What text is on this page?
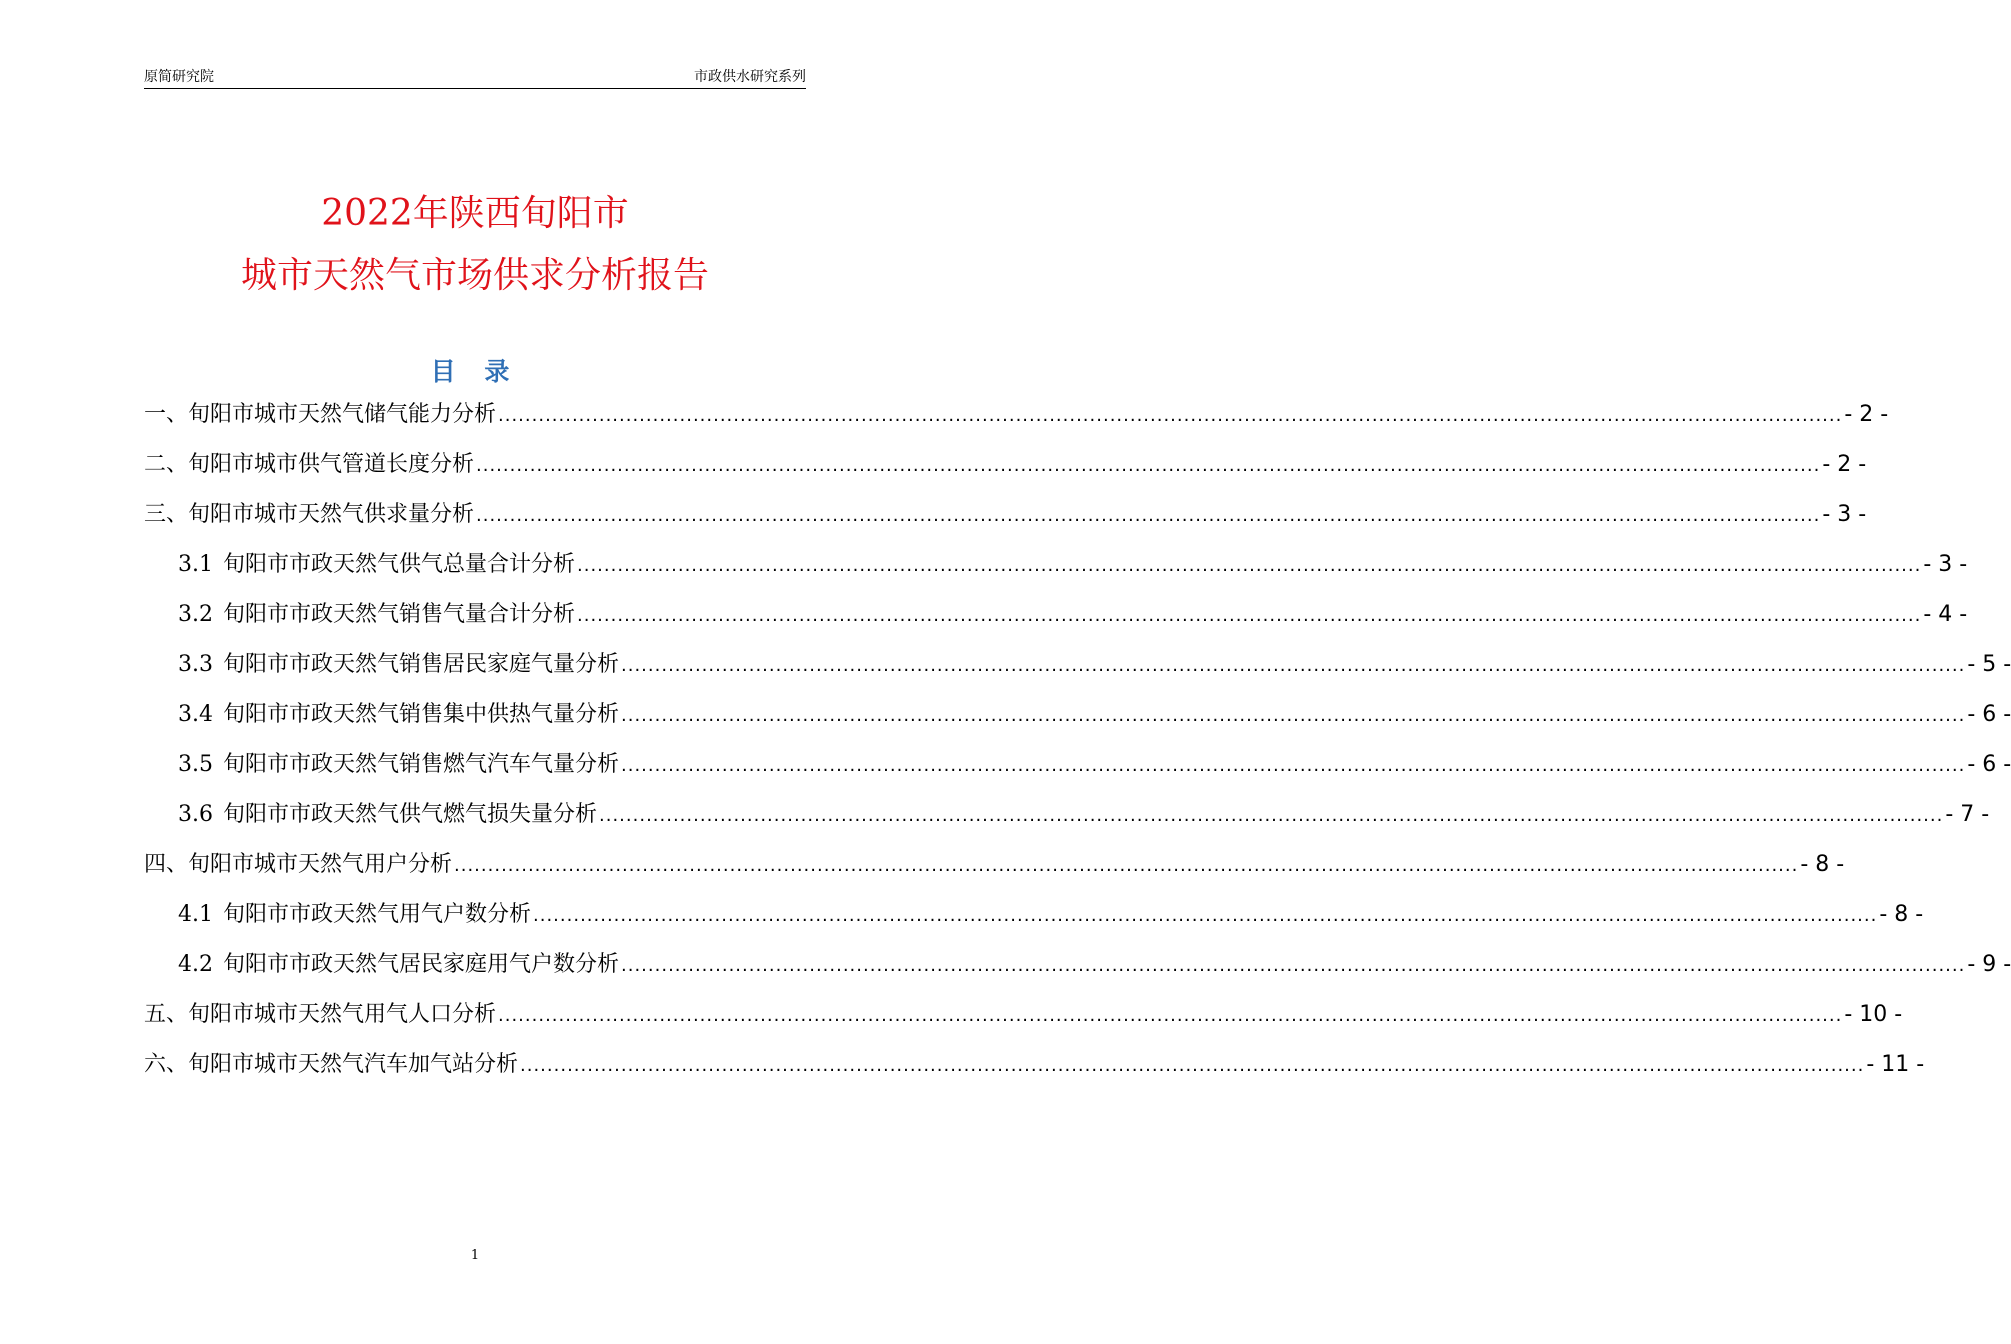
原简研究院	市政供水研究系列
2022年陕西旬阳市
城市天然气市场供求分析报告
目 录
一、旬阳市城市天然气储气能力分析 ........................................................................................................................................................................................................ - 2 -
二、旬阳市城市供气管道长度分析 ........................................................................................................................................................................................................ - 2 -
三、旬阳市城市天然气供求量分析 ........................................................................................................................................................................................................ - 3 -
3.1 旬阳市市政天然气供气总量合计分析 ........................................................................................................................................................................................................ - 3 -
3.2 旬阳市市政天然气销售气量合计分析 ........................................................................................................................................................................................................ - 4 -
3.3 旬阳市市政天然气销售居民家庭气量分析 ........................................................................................................................................................................................................ - 5 -
3.4 旬阳市市政天然气销售集中供热气量分析 ........................................................................................................................................................................................................ - 6 -
3.5 旬阳市市政天然气销售燃气汽车气量分析 ........................................................................................................................................................................................................ - 6 -
3.6 旬阳市市政天然气供气燃气损失量分析 ........................................................................................................................................................................................................ - 7 -
四、旬阳市城市天然气用户分析 ........................................................................................................................................................................................................ - 8 -
4.1 旬阳市市政天然气用气户数分析 ........................................................................................................................................................................................................ - 8 -
4.2 旬阳市市政天然气居民家庭用气户数分析 ........................................................................................................................................................................................................ - 9 -
五、旬阳市城市天然气用气人口分析 ........................................................................................................................................................................................................ - 10 -
六、旬阳市城市天然气汽车加气站分析 ........................................................................................................................................................................................................ - 11 -
1
